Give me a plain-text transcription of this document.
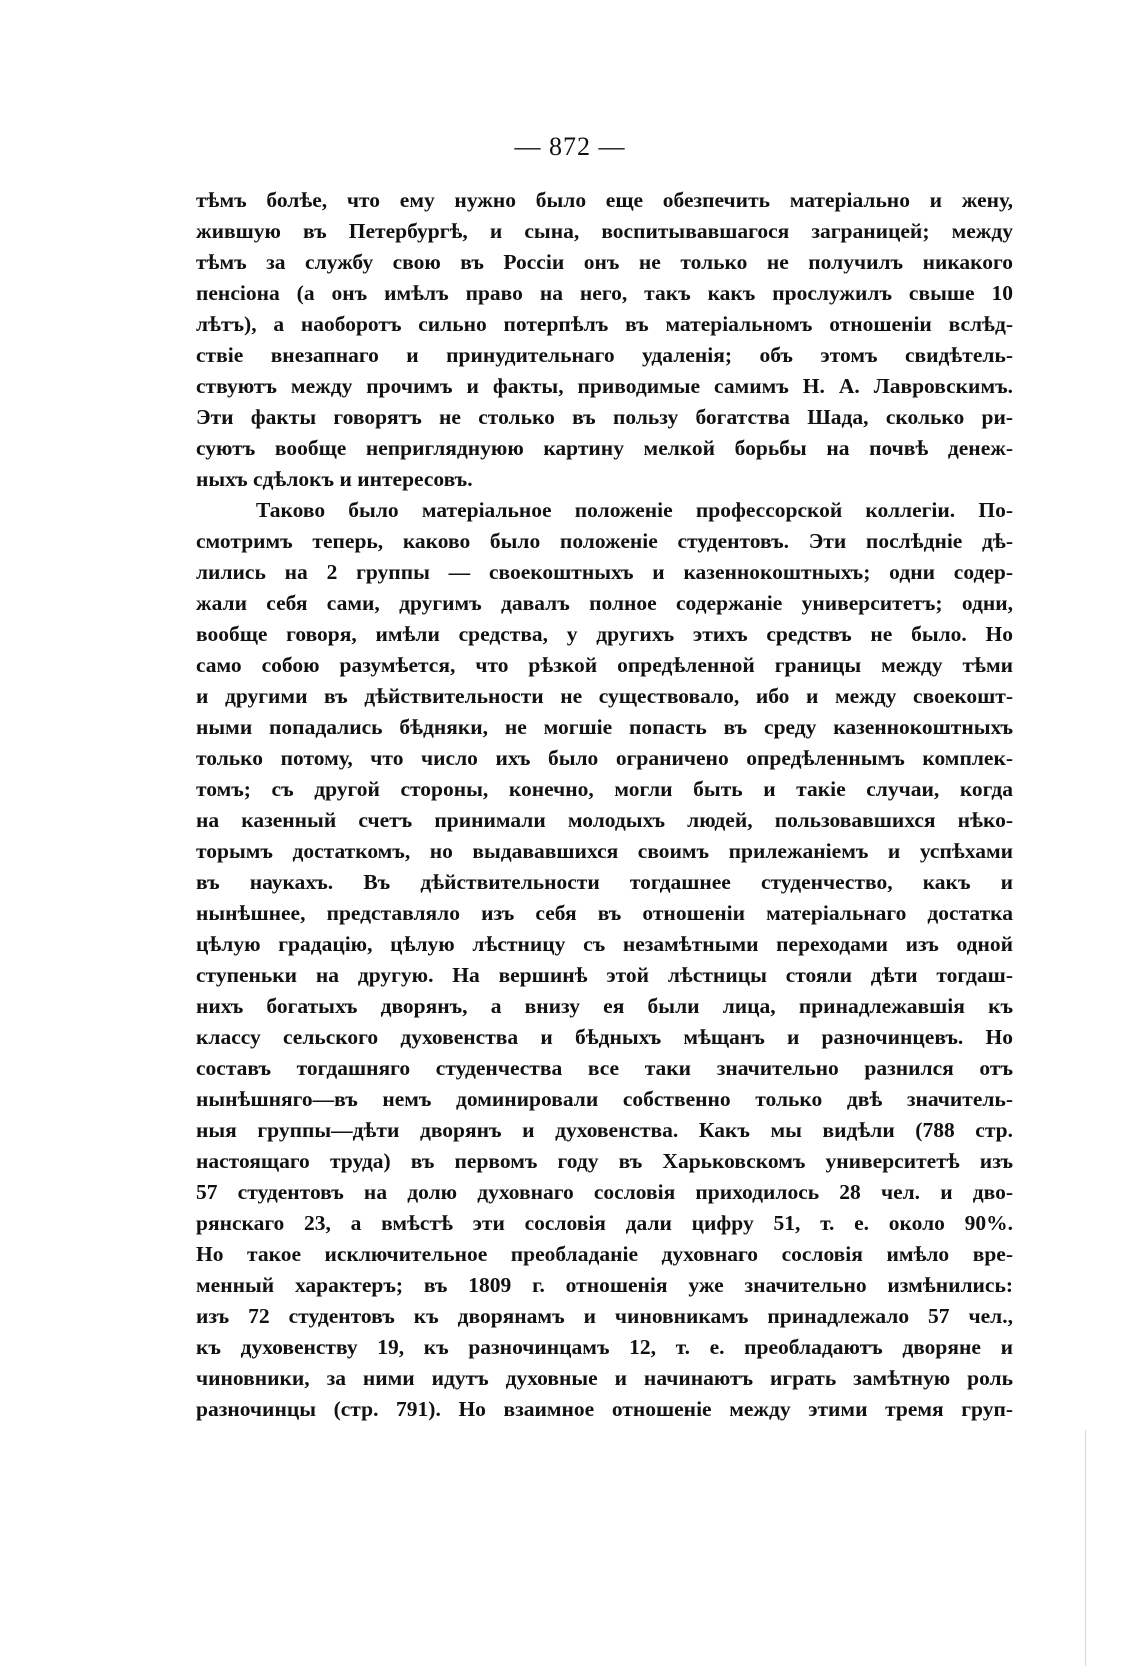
— 872 —
тѣмъ болѣе, что ему нужно было еще обезпечить матеріально и жену,
жившую въ Петербургѣ, и сына, воспитывавшагося заграницей; между
тѣмъ за службу свою въ Россіи онъ не только не получилъ никакого
пенсіона (а онъ имѣлъ право на него, такъ какъ прослужилъ свыше 10
лѣтъ), а наоборотъ сильно потерпѣлъ въ матеріальномъ отношеніи вслѣд-
ствіе внезапнаго и принудительнаго удаленія; объ этомъ свидѣтель-
ствуютъ между прочимъ и факты, приводимые самимъ Н. А. Лавровскимъ.
Эти факты говорятъ не столько въ пользу богатства Шада, сколько ри-
суютъ вообще непригляднуюю картину мелкой борьбы на почвѣ денеж-
ныхъ сдѣлокъ и интересовъ.
Таково было матеріальное положеніе профессорской коллегіи. По-
смотримъ теперь, каково было положеніе студентовъ. Эти послѣдніе дѣ-
лились на 2 группы — своекоштныхъ и казеннокоштныхъ; одни содер-
жали себя сами, другимъ давалъ полное содержаніе университетъ; одни,
вообще говоря, имѣли средства, у другихъ этихъ средствъ не было. Но
само собою разумѣется, что рѣзкой опредѣленной границы между тѣми
и другими въ дѣйствительности не существовало, ибо и между своекошт-
ными попадались бѣдняки, не могшіе попасть въ среду казеннокоштныхъ
только потому, что число ихъ было ограничено опредѣленнымъ комплек-
томъ; съ другой стороны, конечно, могли быть и такіе случаи, когда
на казенный счетъ принимали молодыхъ людей, пользовавшихся нѣко-
торымъ достаткомъ, но выдававшихся своимъ прилежаніемъ и успѣхами
въ наукахъ. Въ дѣйствительности тогдашнее студенчество, какъ и
нынѣшнее, представляло изъ себя въ отношеніи матеріальнаго достатка
цѣлую градацію, цѣлую лѣстницу съ незамѣтными переходами изъ одной
ступеньки на другую. На вершинѣ этой лѣстницы стояли дѣти тогдаш-
нихъ богатыхъ дворянъ, а внизу ея были лица, принадлежавшія къ
классу сельского духовенства и бѣдныхъ мѣщанъ и разночинцевъ. Но
составъ тогдашняго студенчества все таки значительно разнился отъ
нынѣшняго—въ немъ доминировали собственно только двѣ значитель-
ныя группы—дѣти дворянъ и духовенства. Какъ мы видѣли (788 стр.
настоящаго труда) въ первомъ году въ Харьковскомъ университетѣ изъ
57 студентовъ на долю духовнаго сословія приходилось 28 чел. и дво-
рянскаго 23, а вмѣстѣ эти сословія дали цифру 51, т. е. около 90%.
Но такое исключительное преобладаніе духовнаго сословія имѣло вре-
менный характеръ; въ 1809 г. отношенія уже значительно измѣнились:
изъ 72 студентовъ къ дворянамъ и чиновникамъ принадлежало 57 чел.,
къ духовенству 19, къ разночинцамъ 12, т. е. преобладаютъ дворяне и
чиновники, за ними идутъ духовные и начинаютъ играть замѣтную роль
разночинцы (стр. 791). Но взаимное отношеніе между этими тремя груп-
